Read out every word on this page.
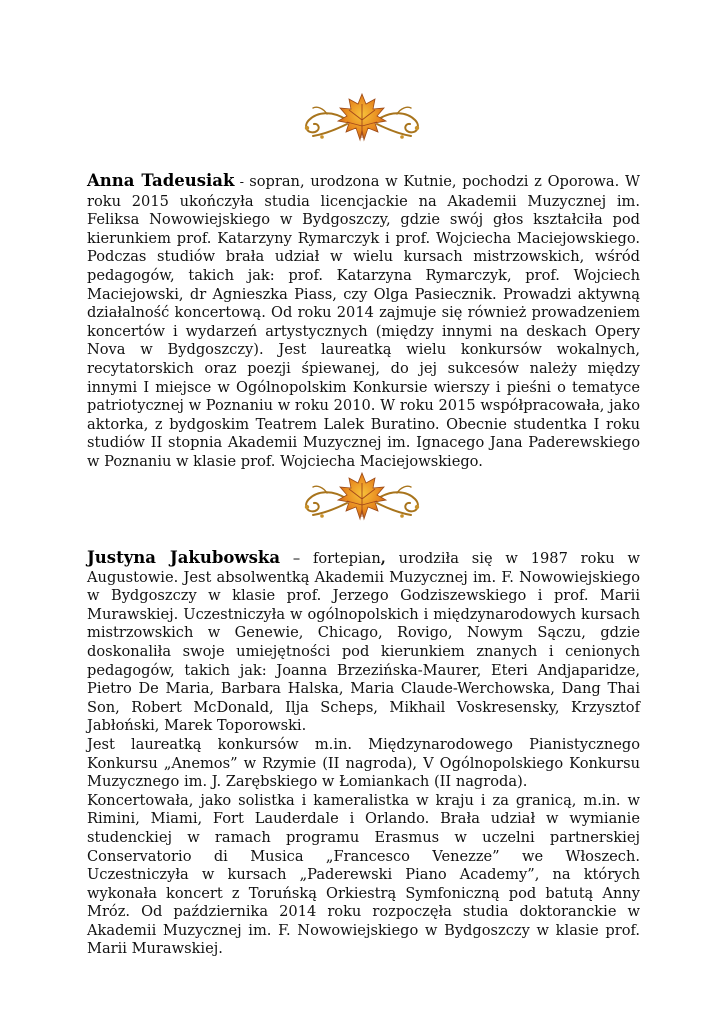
Anna Tadeusiak - sopran, urodzona w Kutnie, pochodzi z Oporowa. W roku 2015 ukończyła studia licencjackie na Akademii Muzycznej im. Feliksa Nowowiejskiego w Bydgoszczy, gdzie swój głos kształciła pod kierunkiem prof. Katarzyny Rymarczyk i prof. Wojciecha Maciejowskiego. Podczas studiów brała udział w wielu kursach mistrzowskich, wśród pedagogów, takich jak: prof. Katarzyna Rymarczyk, prof. Wojciech Maciejowski, dr Agnieszka Piass, czy Olga Pasiecznik. Prowadzi aktywną działalność koncertową. Od roku 2014 zajmuje się również prowadzeniem koncertów i wydarzeń artystycznych (między innymi na deskach Opery Nova w Bydgoszczy). Jest laureatką wielu konkursów wokalnych, recytatorskich oraz poezji śpiewanej, do jej sukcesów należy między innymi I miejsce w Ogólnopolskim Konkursie wierszy i pieśni o tematyce patriotycznej w Poznaniu w roku 2010. W roku 2015 współpracowała, jako aktorka, z bydgoskim Teatrem Lalek Buratino. Obecnie studentka I roku studiów II stopnia Akademii Muzycznej im. Ignacego Jana Paderewskiego w Poznaniu w klasie prof. Wojciecha Maciejowskiego.

Justyna Jakubowska – fortepian, urodziła się w 1987 roku w Augustowie. Jest absolwentką Akademii Muzycznej im. F. Nowowiejskiego w Bydgoszczy w klasie prof. Jerzego Godziszewskiego i prof. Marii Murawskiej. Uczestniczyła w ogólnopolskich i międzynarodowych kursach mistrzowskich w Genewie, Chicago, Rovigo, Nowym Sączu, gdzie doskonaliła swoje umiejętności pod kierunkiem znanych i cenionych pedagogów, takich jak: Joanna Brzezińska-Maurer, Eteri Andjaparidze, Pietro De Maria, Barbara Halska, Maria Claude-Werchowska, Dang Thai Son, Robert McDonald, Ilja Scheps, Mikhail Voskresensky, Krzysztof Jabłoński, Marek Toporowski.

Jest laureatką konkursów m.in. Międzynarodowego Pianistycznego Konkursu „Anemos” w Rzymie (II nagroda), V Ogólnopolskiego Konkursu Muzycznego im. J. Zarębskiego w Łomiankach (II nagroda).

Koncertowała, jako solistka i kameralistka w kraju i za granicą, m.in. w Rimini, Miami, Fort Lauderdale i Orlando. Brała udział w wymianie studenckiej w ramach programu Erasmus w uczelni partnerskiej Conservatorio di Musica „Francesco Venezze” we Włoszech. Uczestniczyła w kursach „Paderewski Piano Academy”, na których wykonała koncert z Toruńską Orkiestrą Symfoniczną pod batutą Anny Mróz. Od października 2014 roku rozpoczęła studia doktoranckie w Akademii Muzycznej im. F. Nowowiejskiego w Bydgoszczy w klasie prof. Marii Murawskiej.
